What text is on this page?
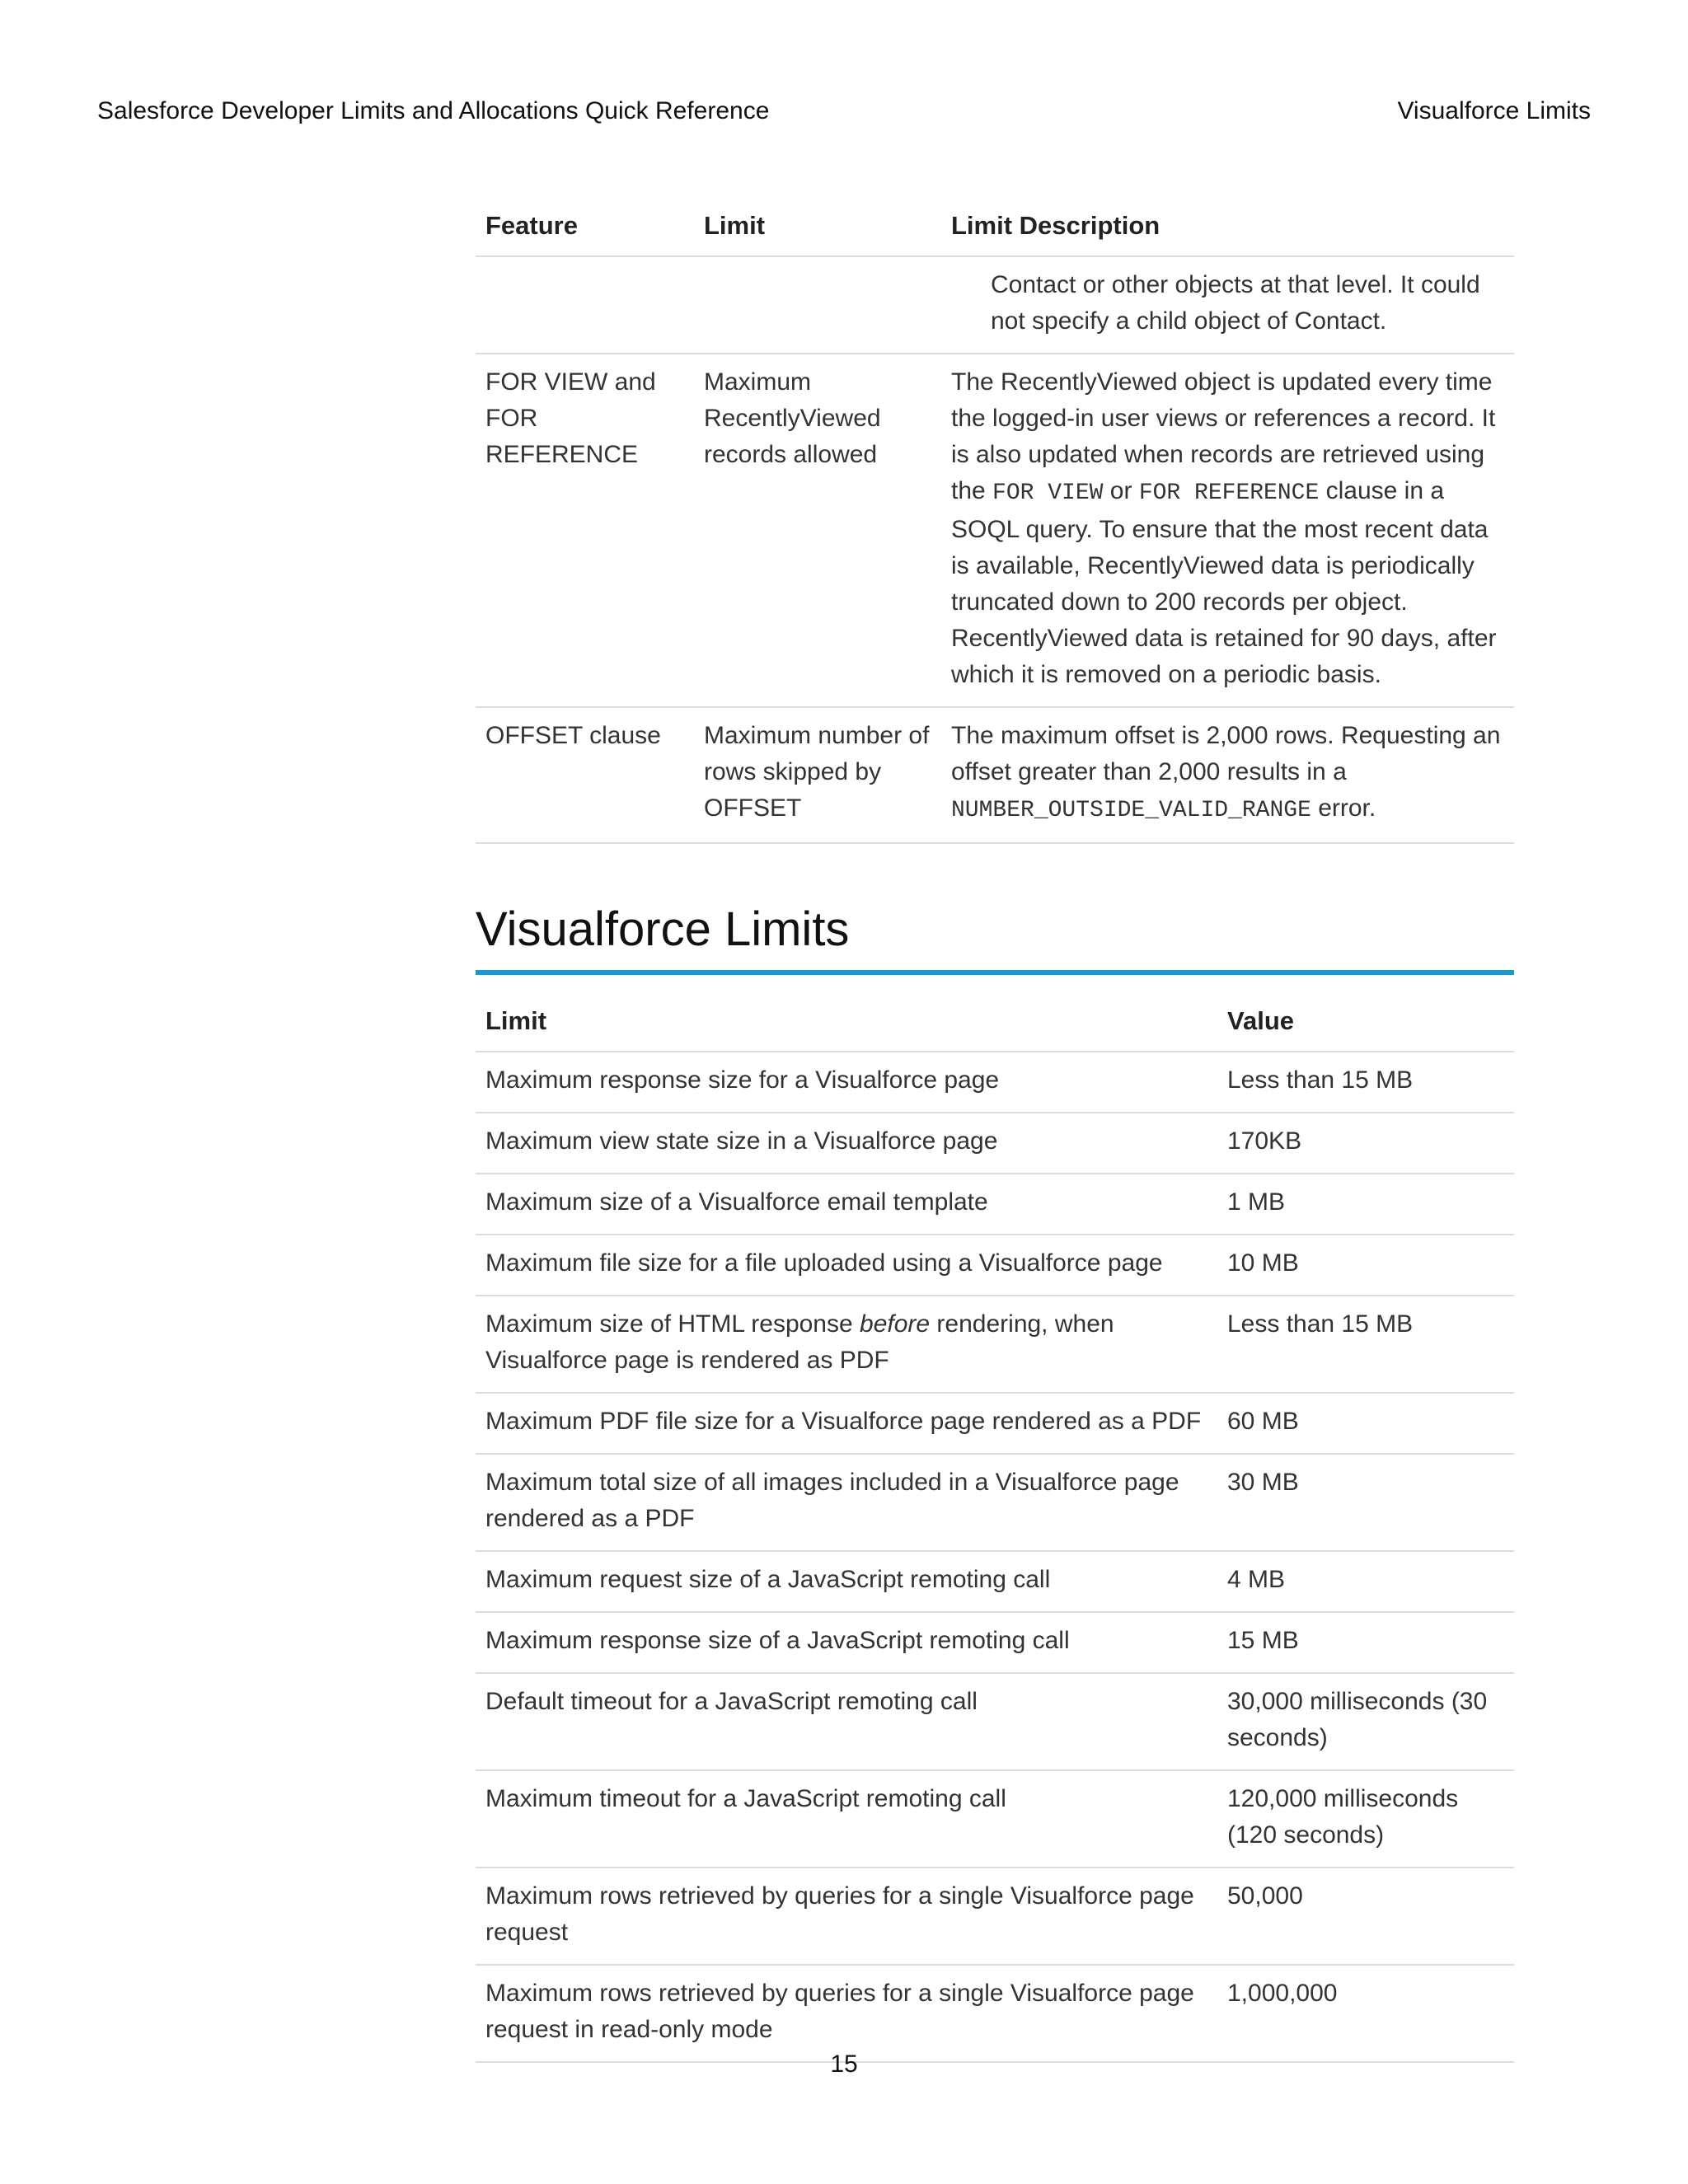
Salesforce Developer Limits and Allocations Quick Reference	Visualforce Limits
Feature	Limit	Limit Description

		Contact or other objects at that level. It could not specify a child object of Contact.

FOR VIEW and FOR REFERENCE	Maximum RecentlyViewed records allowed	The RecentlyViewed object is updated every time the logged-in user views or references a record. It is also updated when records are retrieved using the FOR VIEW or FOR REFERENCE clause in a SOQL query. To ensure that the most recent data is available, RecentlyViewed data is periodically truncated down to 200 records per object. RecentlyViewed data is retained for 90 days, after which it is removed on a periodic basis.
OFFSET clause	Maximum number of rows skipped by OFFSET	The maximum offset is 2,000 rows. Requesting an offset greater than 2,000 results in a NUMBER_OUTSIDE_VALID_RANGE error.
Visualforce Limits
Limit	Value
Maximum response size for a Visualforce page	Less than 15 MB
Maximum view state size in a Visualforce page	170KB
Maximum size of a Visualforce email template	1 MB
Maximum file size for a file uploaded using a Visualforce page	10 MB
Maximum size of HTML response before rendering, when Visualforce page is rendered as PDF	Less than 15 MB
Maximum PDF file size for a Visualforce page rendered as a PDF	60 MB
Maximum total size of all images included in a Visualforce page rendered as a PDF	30 MB
Maximum request size of a JavaScript remoting call	4 MB
Maximum response size of a JavaScript remoting call	15 MB
Default timeout for a JavaScript remoting call	30,000 milliseconds (30 seconds)
Maximum timeout for a JavaScript remoting call	120,000 milliseconds (120 seconds)
Maximum rows retrieved by queries for a single Visualforce page request	50,000
Maximum rows retrieved by queries for a single Visualforce page request in read-only mode	1,000,000
15
